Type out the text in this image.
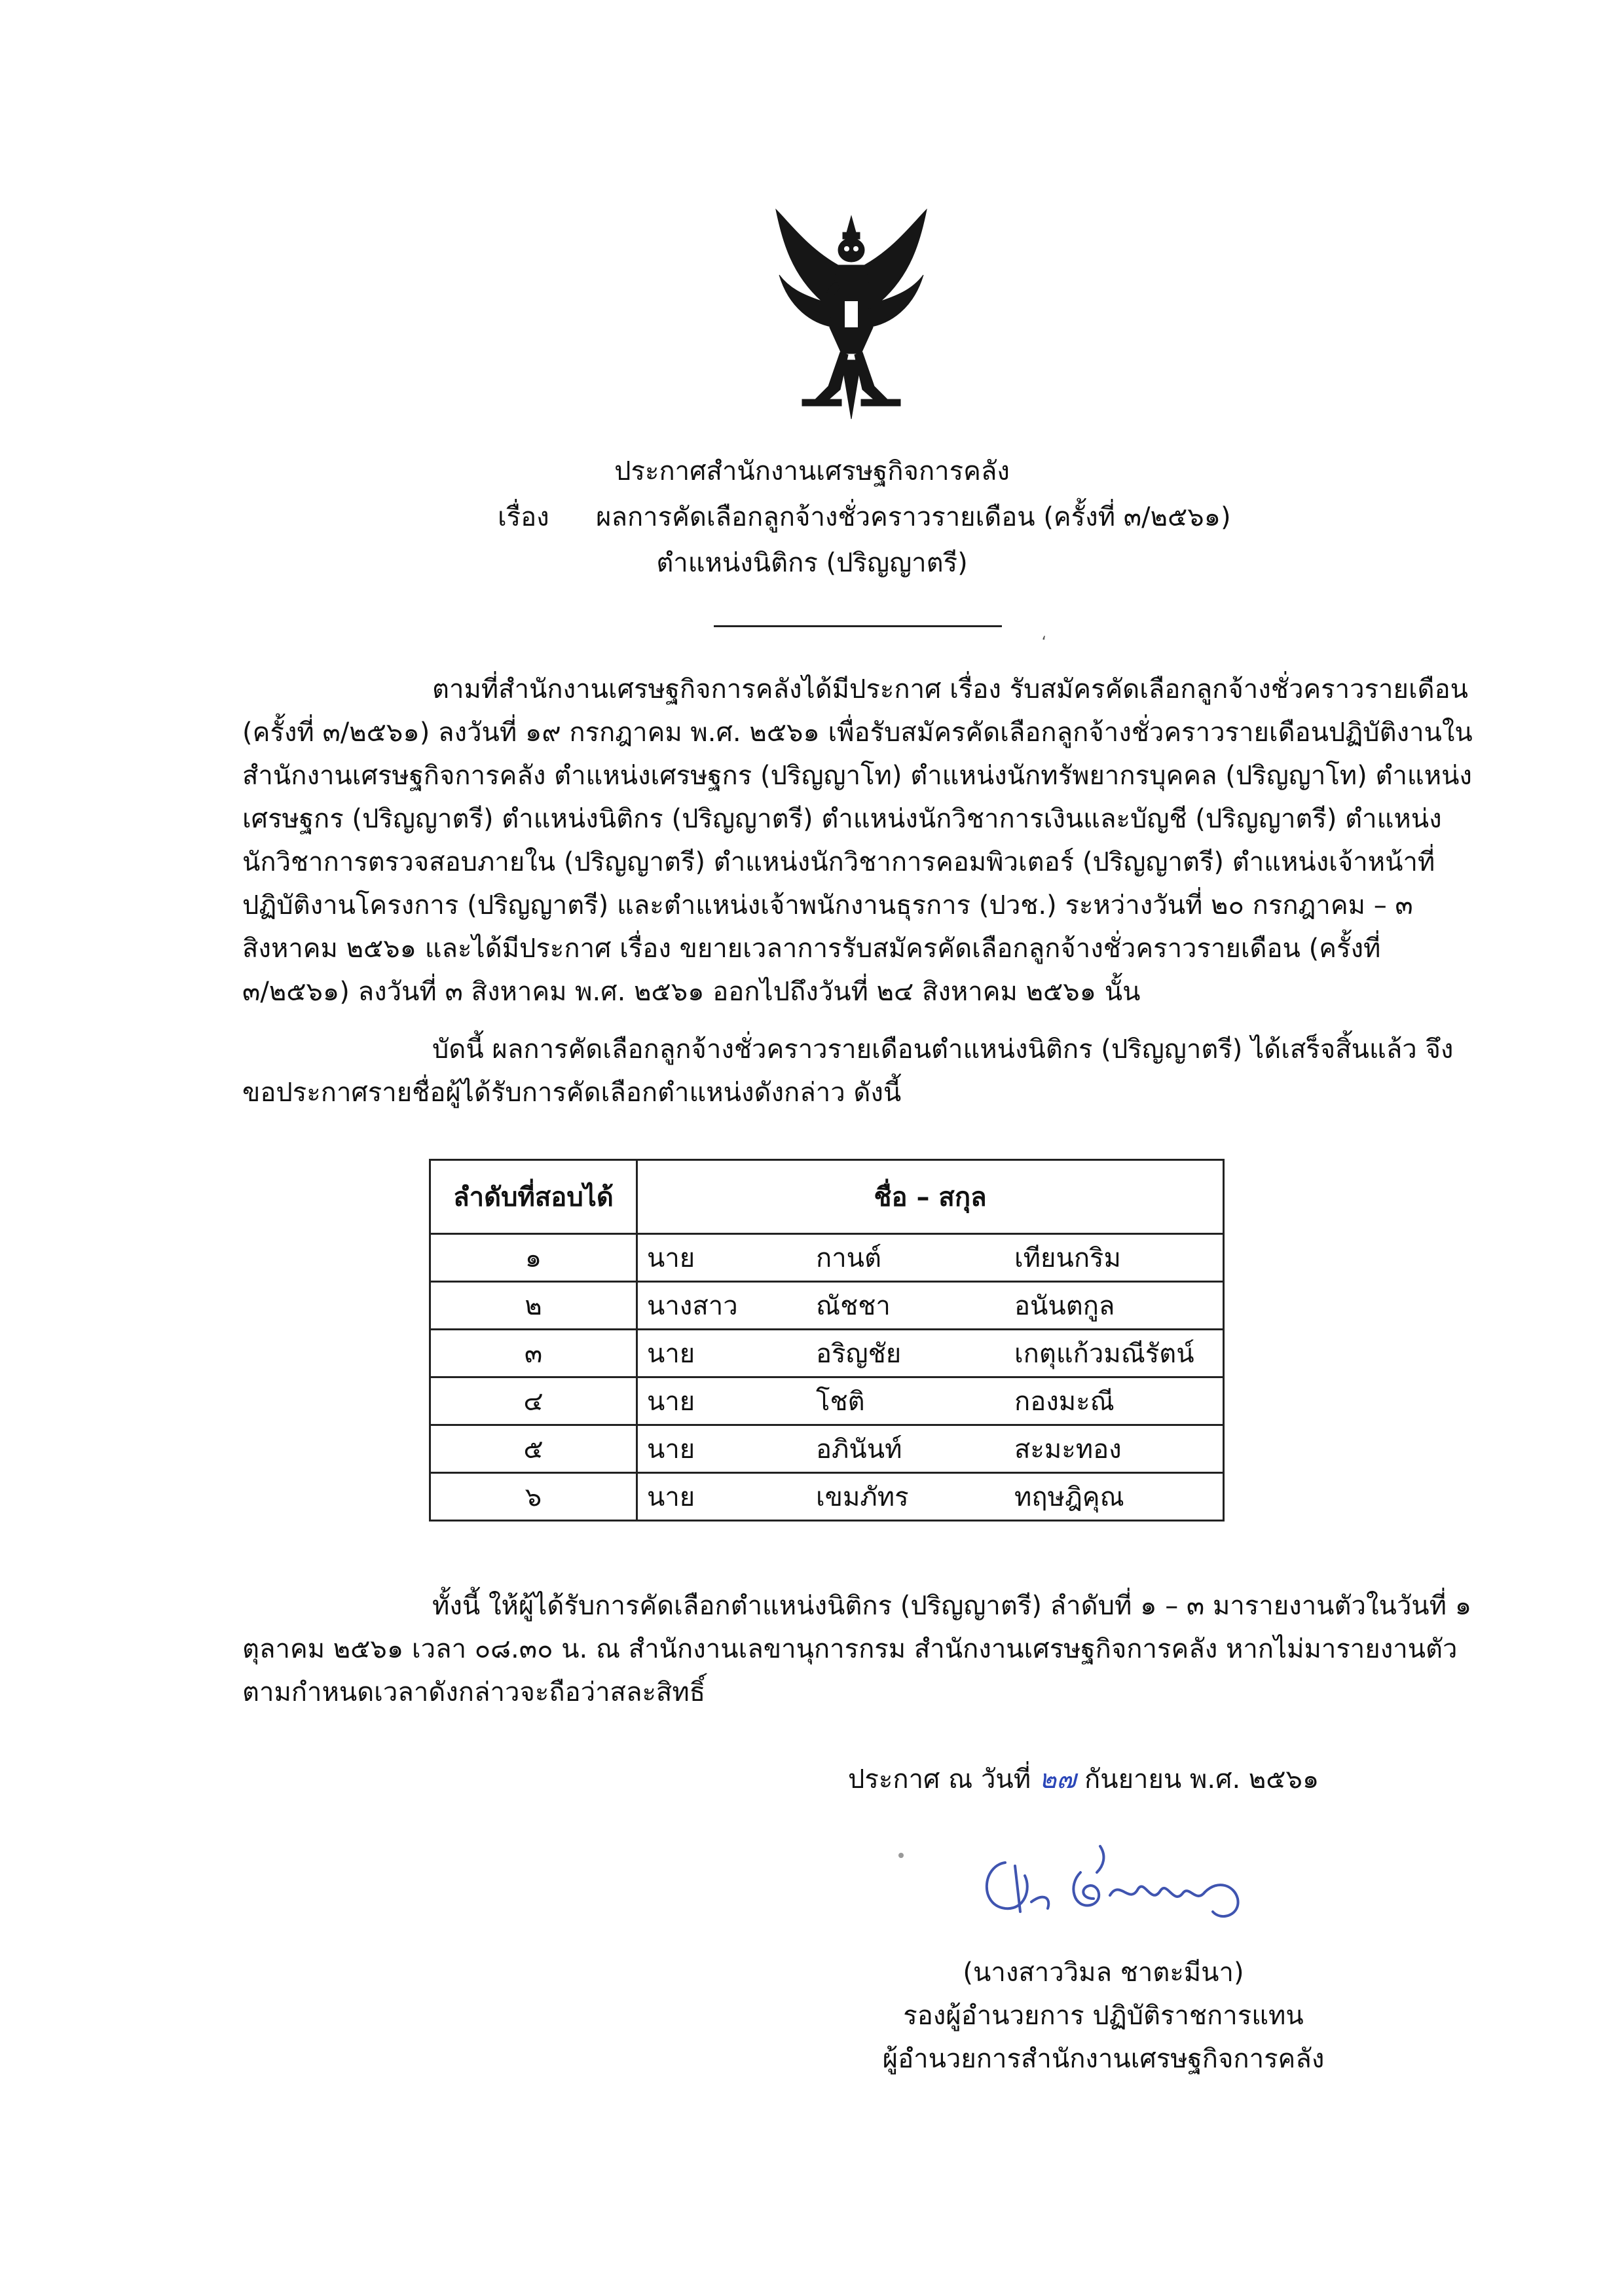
ประกาศสำนักงานเศรษฐกิจการคลัง
เรื่อง ผลการคัดเลือกลูกจ้างชั่วคราวรายเดือน (ครั้งที่ ๓/๒๕๖๑)
ตำแหน่งนิติกร (ปริญญาตรี)
،

ตามที่สำนักงานเศรษฐกิจการคลังได้มีประกาศ เรื่อง รับสมัครคัดเลือกลูกจ้างชั่วคราวรายเดือน (ครั้งที่ ๓/๒๕๖๑) ลงวันที่ ๑๙ กรกฎาคม พ.ศ. ๒๕๖๑ เพื่อรับสมัครคัดเลือกลูกจ้างชั่วคราวรายเดือนปฏิบัติงานในสำนักงานเศรษฐกิจการคลัง ตำแหน่งเศรษฐกร (ปริญญาโท) ตำแหน่งนักทรัพยากรบุคคล (ปริญญาโท) ตำแหน่งเศรษฐกร (ปริญญาตรี) ตำแหน่งนิติกร (ปริญญาตรี) ตำแหน่งนักวิชาการเงินและบัญชี (ปริญญาตรี) ตำแหน่งนักวิชาการตรวจสอบภายใน (ปริญญาตรี) ตำแหน่งนักวิชาการคอมพิวเตอร์ (ปริญญาตรี) ตำแหน่งเจ้าหน้าที่ปฏิบัติงานโครงการ (ปริญญาตรี) และตำแหน่งเจ้าพนักงานธุรการ (ปวช.) ระหว่างวันที่ ๒๐ กรกฎาคม – ๓ สิงหาคม ๒๕๖๑ และได้มีประกาศ เรื่อง ขยายเวลาการรับสมัครคัดเลือกลูกจ้างชั่วคราวรายเดือน (ครั้งที่ ๓/๒๕๖๑) ลงวันที่ ๓ สิงหาคม พ.ศ. ๒๕๖๑ ออกไปถึงวันที่ ๒๔ สิงหาคม ๒๕๖๑ นั้น

บัดนี้ ผลการคัดเลือกลูกจ้างชั่วคราวรายเดือนตำแหน่งนิติกร (ปริญญาตรี) ได้เสร็จสิ้นแล้ว จึงขอประกาศรายชื่อผู้ได้รับการคัดเลือกตำแหน่งดังกล่าว ดังนี้

ลำดับที่สอบได้	ชื่อ – สกุล		
๑	นาย	กานต์	เทียนกริม
๒	นางสาว	ณัชชา	อนันตกูล
๓	นาย	อริญชัย	เกตุแก้วมณีรัตน์
๔	นาย	โชติ	กองมะณี
๕	นาย	อภินันท์	สะมะทอง
๖	นาย	เขมภัทร	ทฤษฎิคุณ

ทั้งนี้ ให้ผู้ได้รับการคัดเลือกตำแหน่งนิติกร (ปริญญาตรี) ลำดับที่ ๑ – ๓ มารายงานตัวในวันที่ ๑ ตุลาคม ๒๕๖๑ เวลา ๐๘.๓๐ น. ณ สำนักงานเลขานุการกรม สำนักงานเศรษฐกิจการคลัง หากไม่มารายงานตัวตามกำหนดเวลาดังกล่าวจะถือว่าสละสิทธิ์

ประกาศ ณ วันที่ ๒๗ กันยายน พ.ศ. ๒๕๖๑
(นางสาววิมล ชาตะมีนา)
รองผู้อำนวยการ ปฏิบัติราชการแทน
ผู้อำนวยการสำนักงานเศรษฐกิจการคลัง
